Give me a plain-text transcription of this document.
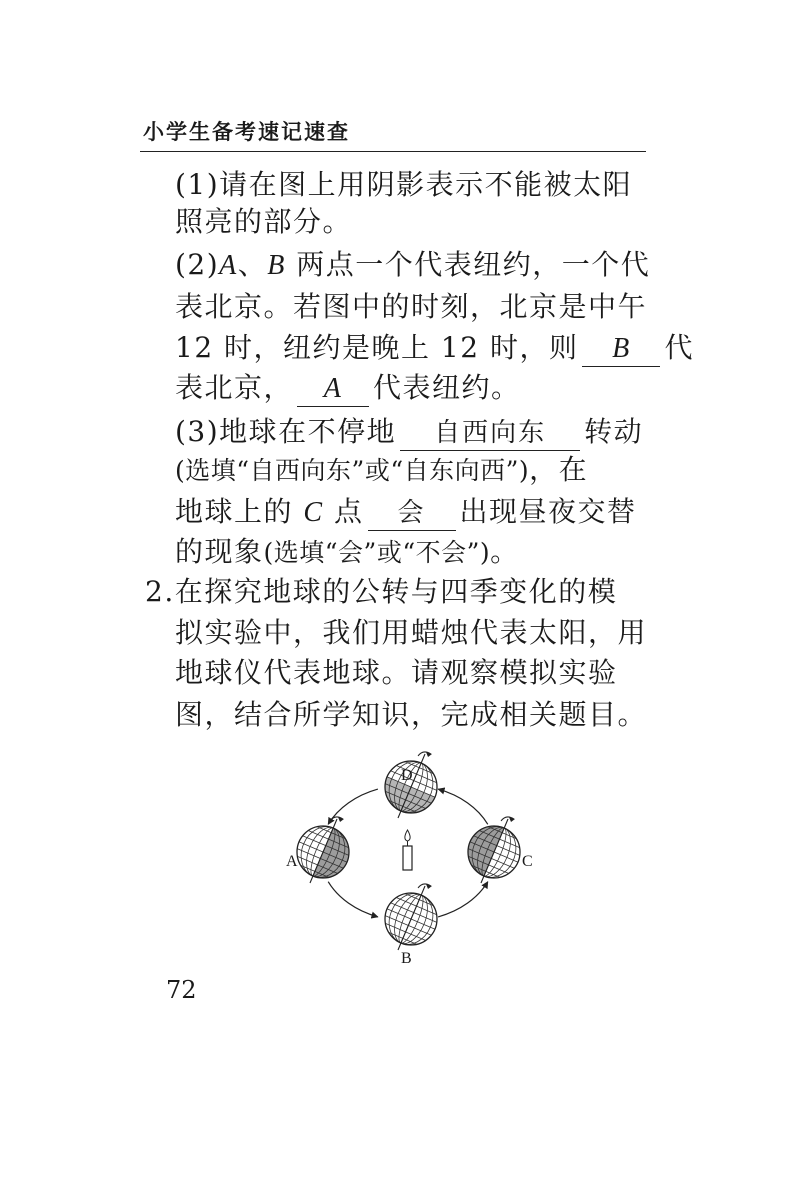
小学生备考速记速查
(1)请在图上用阴影表示不能被太阳
照亮的部分。
(2)A、B 两点一个代表纽约，一个代
表北京。若图中的时刻，北京是中午
12 时，纽约是晚上 12 时，则 B 代
表北京， A 代表纽约。
(3)地球在不停地 自西向东 转动
(选填“自西向东”或“自东向西”)，在
地球上的 C 点 会 出现昼夜交替
的现象(选填“会”或“不会”)。
2.在探究地球的公转与四季变化的模
拟实验中，我们用蜡烛代表太阳，用
地球仪代表地球。请观察模拟实验
图，结合所学知识，完成相关题目。
D
A	C
B
72
